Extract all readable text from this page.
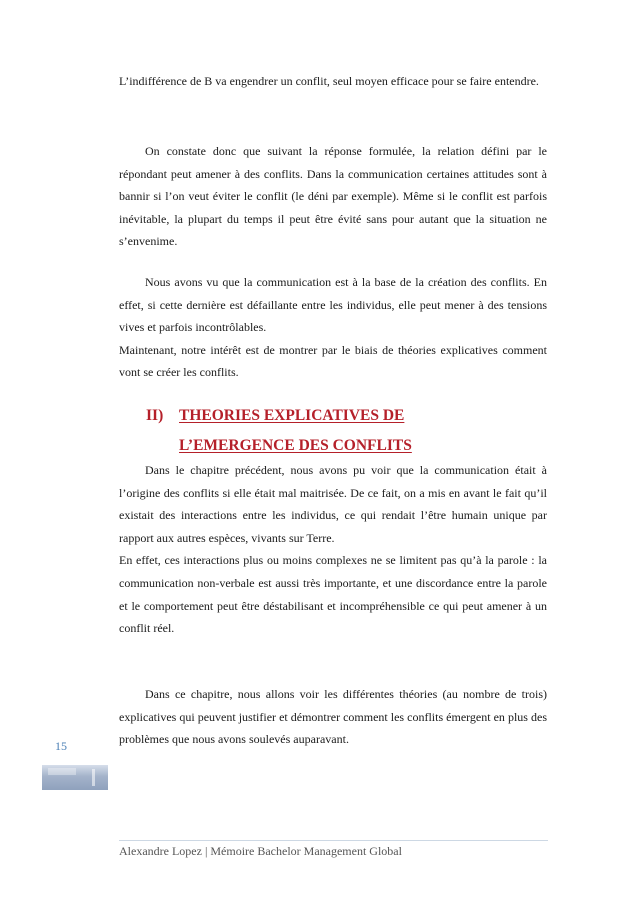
L’indifférence de B va engendrer un conflit, seul moyen efficace pour se faire entendre.

On constate donc que suivant la réponse formulée, la relation défini par le répondant peut amener à des conflits. Dans la communication certaines attitudes sont à bannir si l’on veut éviter le conflit (le déni par exemple). Même si le conflit est parfois inévitable, la plupart du temps il peut être évité sans pour autant que la situation ne s’envenime.

Nous avons vu que la communication est à la base de la création des conflits. En effet, si cette dernière est défaillante entre les individus, elle peut mener à des tensions vives et parfois incontrôlables.

Maintenant, notre intérêt est de montrer par le biais de théories explicatives comment vont se créer les conflits.

II) THEORIES EXPLICATIVES DE
L’EMERGENCE DES CONFLITS

Dans le chapitre précédent, nous avons pu voir que la communication était à l’origine des conflits si elle était mal maitrisée. De ce fait, on a mis en avant le fait qu’il existait des interactions entre les individus, ce qui rendait l’être humain unique par rapport aux autres espèces, vivants sur Terre.

En effet, ces interactions plus ou moins complexes ne se limitent pas qu’à la parole : la communication non-verbale est aussi très importante, et une discordance entre la parole et le comportement peut être déstabilisant et incompréhensible ce qui peut amener à un conflit réel.

Dans ce chapitre, nous allons voir les différentes théories (au nombre de trois) explicatives qui peuvent justifier et démontrer comment les conflits émergent en plus des problèmes que nous avons soulevés auparavant.

15
Alexandre Lopez | Mémoire Bachelor Management Global
